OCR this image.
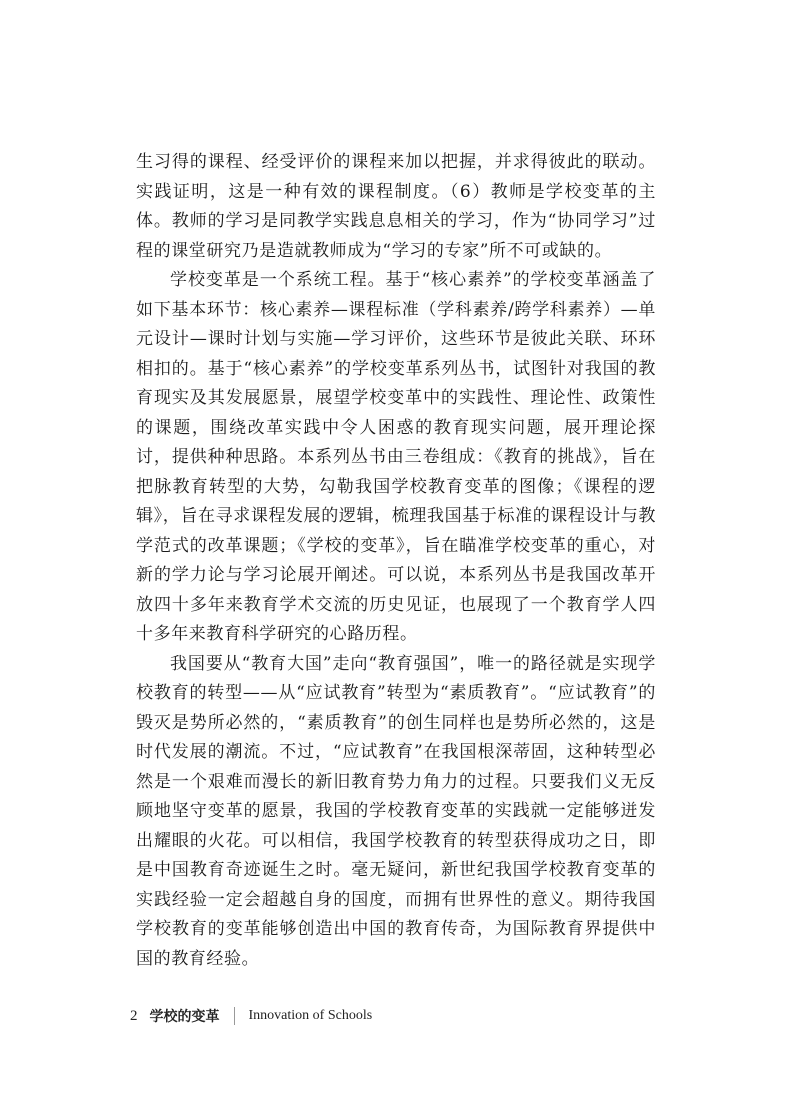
生习得的课程、经受评价的课程来加以把握，并求得彼此的联动。实践证明，这是一种有效的课程制度。（6）教师是学校变革的主体。教师的学习是同教学实践息息相关的学习，作为“协同学习”过程的课堂研究乃是造就教师成为“学习的专家”所不可或缺的。

学校变革是一个系统工程。基于“核心素养”的学校变革涵盖了如下基本环节：核心素养—课程标准（学科素养/跨学科素养）—单元设计—课时计划与实施—学习评价，这些环节是彼此关联、环环相扣的。基于“核心素养”的学校变革系列丛书，试图针对我国的教育现实及其发展愿景，展望学校变革中的实践性、理论性、政策性的课题，围绕改革实践中令人困惑的教育现实问题，展开理论探讨，提供种种思路。本系列丛书由三卷组成：《教育的挑战》，旨在把脉教育转型的大势，勾勒我国学校教育变革的图像；《课程的逻辑》，旨在寻求课程发展的逻辑，梳理我国基于标准的课程设计与教学范式的改革课题；《学校的变革》，旨在瞄准学校变革的重心，对新的学力论与学习论展开阐述。可以说，本系列丛书是我国改革开放四十多年来教育学术交流的历史见证，也展现了一个教育学人四十多年来教育科学研究的心路历程。

我国要从“教育大国”走向“教育强国”，唯一的路径就是实现学校教育的转型——从“应试教育”转型为“素质教育”。“应试教育”的毁灭是势所必然的，“素质教育”的创生同样也是势所必然的，这是时代发展的潮流。不过，“应试教育”在我国根深蒂固，这种转型必然是一个艰难而漫长的新旧教育势力角力的过程。只要我们义无反顾地坚守变革的愿景，我国的学校教育变革的实践就一定能够迸发出耀眼的火花。可以相信，我国学校教育的转型获得成功之日，即是中国教育奇迹诞生之时。毫无疑问，新世纪我国学校教育变革的实践经验一定会超越自身的国度，而拥有世界性的意义。期待我国学校教育的变革能够创造出中国的教育传奇，为国际教育界提供中国的教育经验。

2 学校的变革 Innovation of Schools
